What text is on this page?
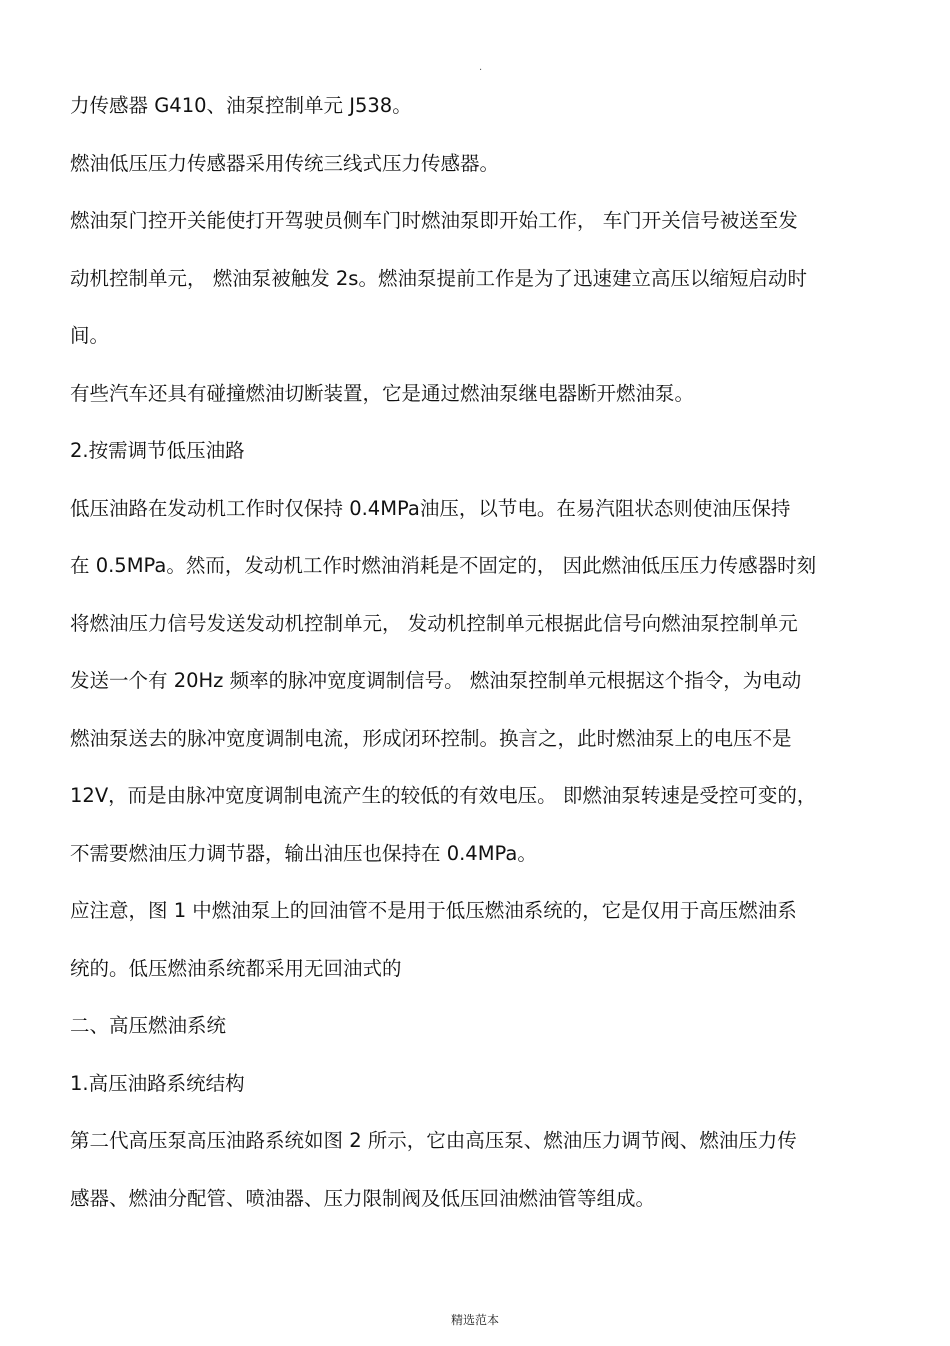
.
力传感器 G410、油泵控制单元 J538。
燃油低压压力传感器采用传统三线式压力传感器。
燃油泵门控开关能使打开驾驶员侧车门时燃油泵即开始工作， 车门开关信号被送至发
动机控制单元， 燃油泵被触发 2s。燃油泵提前工作是为了迅速建立高压以缩短启动时
间。
有些汽车还具有碰撞燃油切断装置，它是通过燃油泵继电器断开燃油泵。
2.按需调节低压油路
低压油路在发动机工作时仅保持 0.4MPa油压，以节电。在易汽阻状态则使油压保持
在 0.5MPa。然而，发动机工作时燃油消耗是不固定的， 因此燃油低压压力传感器时刻
将燃油压力信号发送发动机控制单元， 发动机控制单元根据此信号向燃油泵控制单元
发送一个有 20Hz 频率的脉冲宽度调制信号。 燃油泵控制单元根据这个指令，为电动
燃油泵送去的脉冲宽度调制电流，形成闭环控制。换言之，此时燃油泵上的电压不是
12V，而是由脉冲宽度调制电流产生的较低的有效电压。 即燃油泵转速是受控可变的，
不需要燃油压力调节器，输出油压也保持在 0.4MPa。
应注意，图 1 中燃油泵上的回油管不是用于低压燃油系统的，它是仅用于高压燃油系
统的。低压燃油系统都采用无回油式的
二、高压燃油系统
1.高压油路系统结构
第二代高压泵高压油路系统如图 2 所示，它由高压泵、燃油压力调节阀、燃油压力传
感器、燃油分配管、喷油器、压力限制阀及低压回油燃油管等组成。
精选范本
